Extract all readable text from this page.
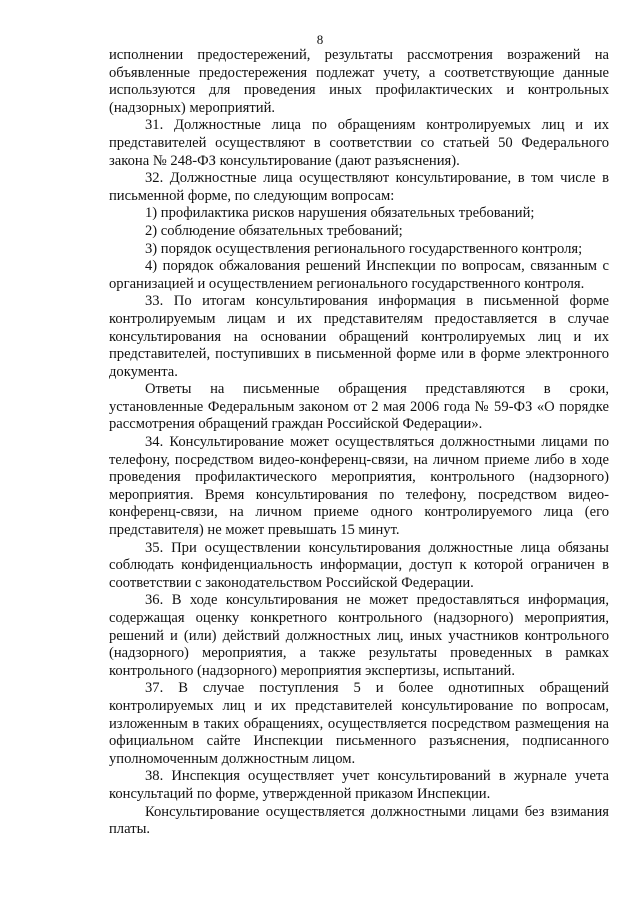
8

исполнении предостережений, результаты рассмотрения возражений на объявленные предостережения подлежат учету, а соответствующие данные используются для проведения иных профилактических и контрольных (надзорных) мероприятий.

31. Должностные лица по обращениям контролируемых лиц и их представителей осуществляют в соответствии со статьей 50 Федерального закона № 248-ФЗ консультирование (дают разъяснения).

32. Должностные лица осуществляют консультирование, в том числе в письменной форме, по следующим вопросам:

1) профилактика рисков нарушения обязательных требований;

2) соблюдение обязательных требований;

3) порядок осуществления регионального государственного контроля;

4) порядок обжалования решений Инспекции по вопросам, связанным с организацией и осуществлением регионального государственного контроля.

33. По итогам консультирования информация в письменной форме контролируемым лицам и их представителям предоставляется в случае консультирования на основании обращений контролируемых лиц и их представителей, поступивших в письменной форме или в форме электронного документа.

Ответы на письменные обращения представляются в сроки, установленные Федеральным законом от 2 мая 2006 года № 59-ФЗ «О порядке рассмотрения обращений граждан Российской Федерации».

34. Консультирование может осуществляться должностными лицами по телефону, посредством видео-конференц-связи, на личном приеме либо в ходе проведения профилактического мероприятия, контрольного (надзорного) мероприятия. Время консультирования по телефону, посредством видео-конференц-связи, на личном приеме одного контролируемого лица (его представителя) не может превышать 15 минут.

35. При осуществлении консультирования должностные лица обязаны соблюдать конфиденциальность информации, доступ к которой ограничен в соответствии с законодательством Российской Федерации.

36. В ходе консультирования не может предоставляться информация, содержащая оценку конкретного контрольного (надзорного) мероприятия, решений и (или) действий должностных лиц, иных участников контрольного (надзорного) мероприятия, а также результаты проведенных в рамках контрольного (надзорного) мероприятия экспертизы, испытаний.

37. В случае поступления 5 и более однотипных обращений контролируемых лиц и их представителей консультирование по вопросам, изложенным в таких обращениях, осуществляется посредством размещения на официальном сайте Инспекции письменного разъяснения, подписанного уполномоченным должностным лицом.

38. Инспекция осуществляет учет консультирований в журнале учета консультаций по форме, утвержденной приказом Инспекции.

Консультирование осуществляется должностными лицами без взимания платы.
